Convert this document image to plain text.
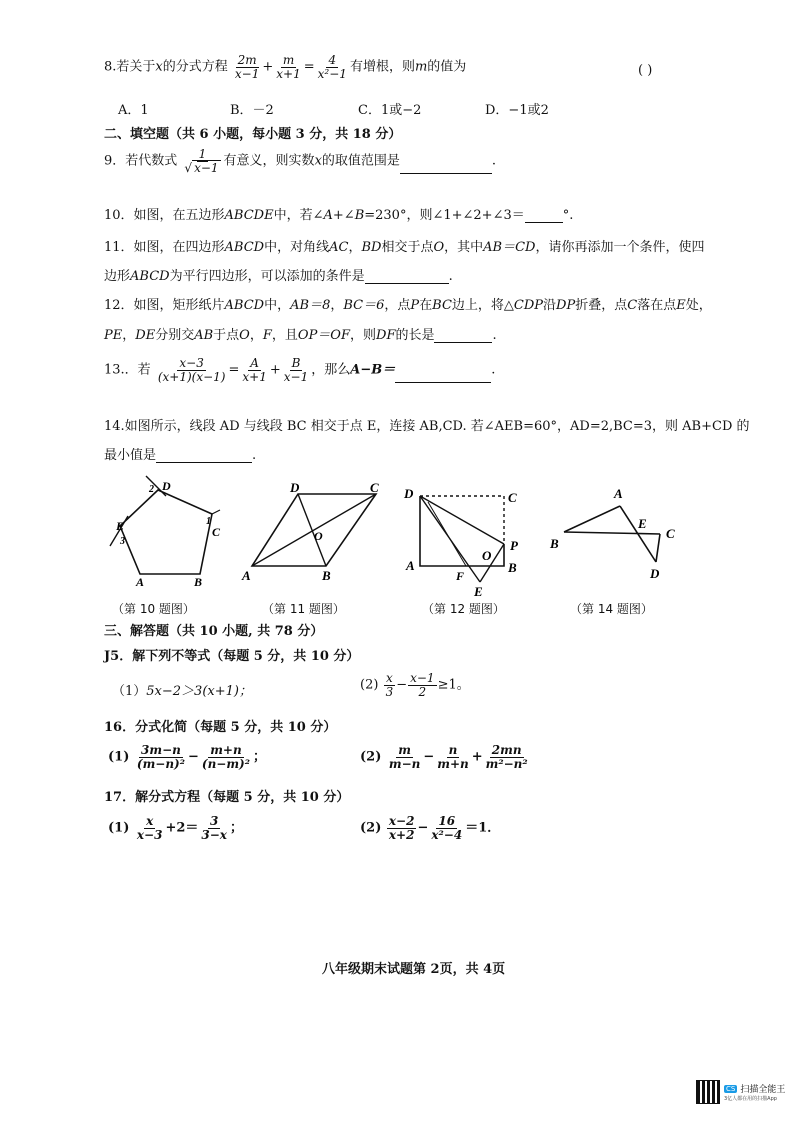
8.若关于x的分式方程 $\frac{2m}{x-1} + \frac{m}{x+1} = \frac{4}{\text{x²−1}}$ 有增根，则m的值为	( )
A．1	B．－2	C．1或−2	D．−1或2
二、填空题（共 6 小题，每小题 3 分，共 18 分）
9．若代数式 $\frac{1}{√ x-1}$ 有意义，则实数x的取值范围是	.
10．如图，在五边形ABCDE中，若∠A+∠B=230°，则∠1+∠2+∠3＝	°.
11．如图，在四边形ABCD中，对角线AC，BD相交于点O，其中AB＝CD，请你再添加一个条件，使四
边形ABCD为平行四边形，可以添加的条件是	.
12．如图，矩形纸片ABCD中，AB＝8，BC＝6，点P在BC边上，将△CDP沿DP折叠，点C落在点E处，
PE，DE分别交AB于点O，F，且OP＝OF，则DF的长是	.
13.．若 $\frac{x-3}{(x+1)(x-1)} = \frac{A}{x+1} + \frac{B}{x-1}$ ，那么A−B＝	.
14.如图所示，线段 AD 与线段 BC 相交于点 E，连接 AB,CD. 若∠AEB=60°，AD=2,BC=3，则 AB+CD 的
最小值是	.
D
2
C
1
E
3
A	B
D	C
A	B
O
D	C
A	B
P
O
F
E
A
B
E
C
D
（第 10 题图）	（第 11 题图）	（第 12 题图）	（第 14 题图）
三、解答题（共 10 小题, 共 78 分）
J5．解下列不等式（每题 5 分，共 10 分）
（1）5x−2＞3(x+1)；	$(2) \frac{x}{3} - \frac{x-1}{2} \ge 1$。
16．分式化简（每题 5 分，共 10 分）
$(1) \frac{3m-n}{\text{(m−n)²}} - \frac{m+n}{\text{(n−m)²}}$ ；	$(2) \frac{m}{m-n} - \frac{n}{m+n} + \frac{2mn}{\text{m²−n²}}$
17．解分式方程（每题 5 分，共 10 分）
$(1) \frac{x}{x-3} +2= \frac{3}{3-x}$ ；	$(2) \frac{x-2}{x+2} - \frac{16}{\text{x²−4}} =1$．
八年级期末试题第 2页，共 4页
CS 扫描全能王
3亿人都在用的扫描App
